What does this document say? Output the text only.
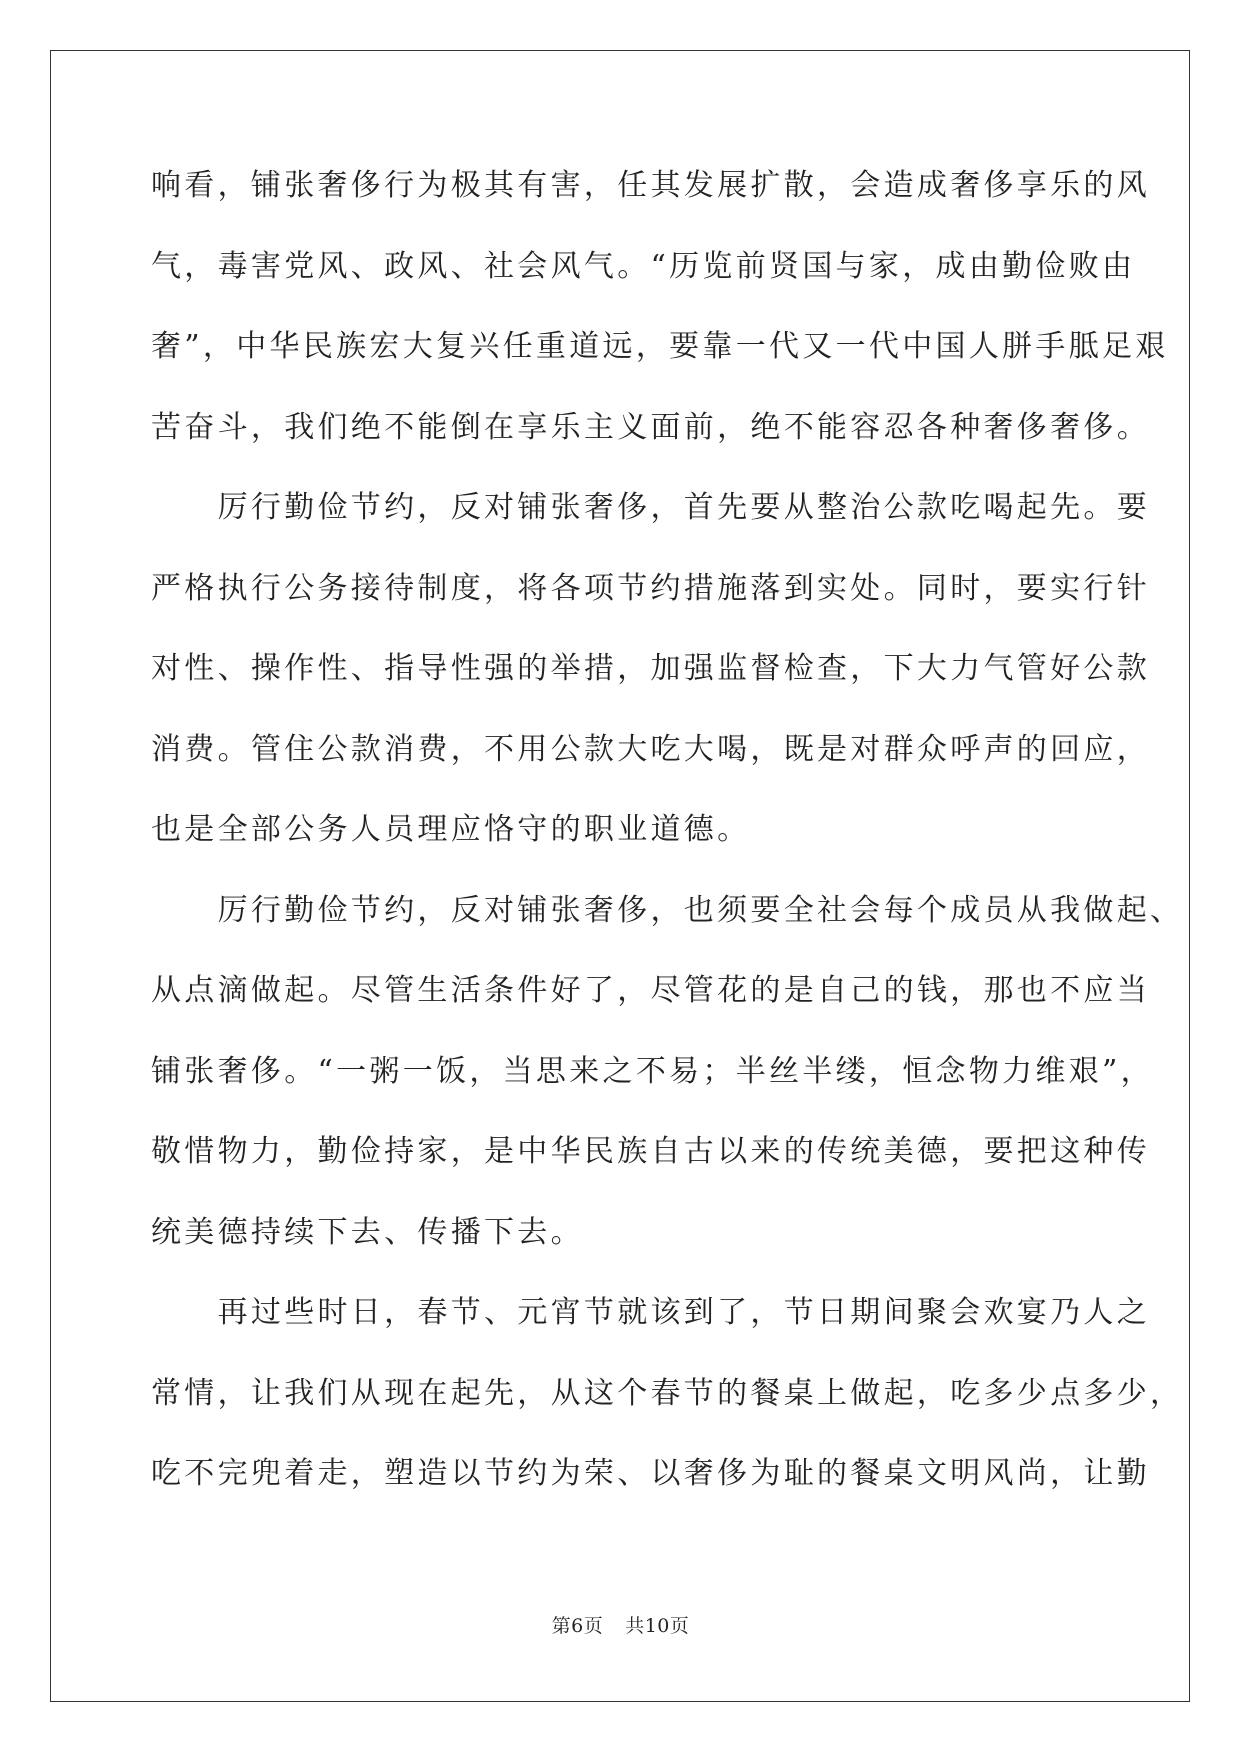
响看，铺张奢侈行为极其有害，任其发展扩散，会造成奢侈享乐的风
气，毒害党风、政风、社会风气。“历览前贤国与家，成由勤俭败由
奢”，中华民族宏大复兴任重道远，要靠一代又一代中国人胼手胝足艰
苦奋斗，我们绝不能倒在享乐主义面前，绝不能容忍各种奢侈奢侈。
　　厉行勤俭节约，反对铺张奢侈，首先要从整治公款吃喝起先。要
严格执行公务接待制度，将各项节约措施落到实处。同时，要实行针
对性、操作性、指导性强的举措，加强监督检查，下大力气管好公款
消费。管住公款消费，不用公款大吃大喝，既是对群众呼声的回应，
也是全部公务人员理应恪守的职业道德。
　　厉行勤俭节约，反对铺张奢侈，也须要全社会每个成员从我做起、
从点滴做起。尽管生活条件好了，尽管花的是自己的钱，那也不应当
铺张奢侈。“一粥一饭，当思来之不易；半丝半缕，恒念物力维艰”，
敬惜物力，勤俭持家，是中华民族自古以来的传统美德，要把这种传
统美德持续下去、传播下去。
　　再过些时日，春节、元宵节就该到了，节日期间聚会欢宴乃人之
常情，让我们从现在起先，从这个春节的餐桌上做起，吃多少点多少，
吃不完兜着走，塑造以节约为荣、以奢侈为耻的餐桌文明风尚，让勤
第6页 共10页
